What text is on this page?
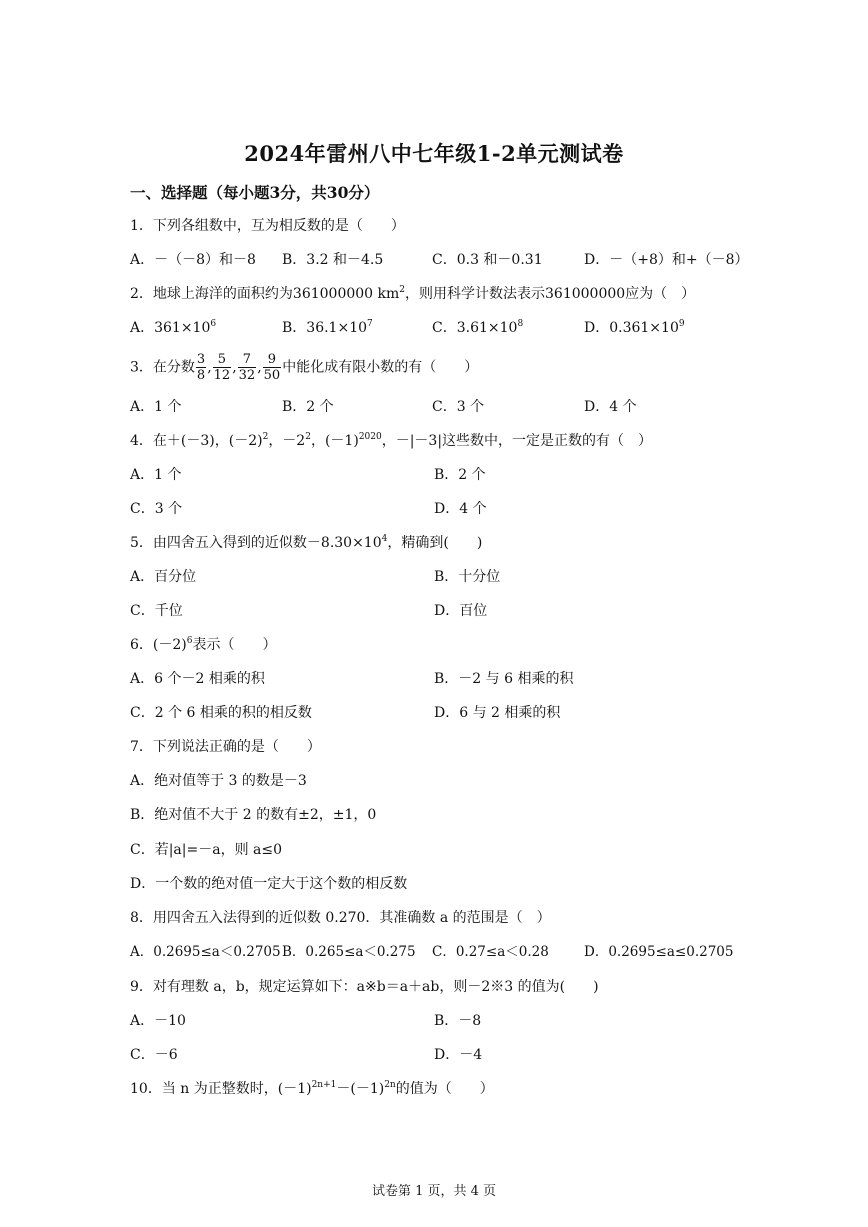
2024年雷州八中七年级1-2单元测试卷
一、选择题（每小题3分，共30分）
1．下列各组数中，互为相反数的是（　　）
A．－（－8）和－8 B．3.2 和－4.5	C．0.3 和－0.31	D．－（+8）和+（－8）
2．地球上海洋的面积约为361000000 $km^2$，则用科学计数法表示361000000应为（　）
A．$361\times 10^6$	B．$36.1\times 10^7$	C．$3.61\times 10^8$	D．$0.361\times 10^9$
3．在分数 $\frac{3}{8}$ , $\frac{5}{12}$ , $\frac{7}{32}$ , $\frac{9}{50}$ 中能化成有限小数的有（　　）
A．1 个	B．2 个	C．3 个	D．4 个
4．在＋(－3)，$(-2)^2$，$-2^2$，$(-1)^{2020}$，－|－3|这些数中，一定是正数的有（　）
A．1 个	B．2 个
C．3 个	D．4 个
5．由四舍五入得到的近似数$-8.30\times 10^4$，精确到(　　)
A．百分位	B．十分位
C．千位	D．百位
6．$(-2)^6$表示（　　）
A．6 个－2 相乘的积	B．－2 与 6 相乘的积
C．2 个 6 相乘的积的相反数	D．6 与 2 相乘的积
7．下列说法正确的是（　　）
A．绝对值等于 3 的数是－3
B．绝对值不大于 2 的数有±2，±1，0
C．若|a|=－a，则 a≤0
D．一个数的绝对值一定大于这个数的相反数
8．用四舍五入法得到的近似数 0.270．其准确数 a 的范围是（　）
A．0.2695≤a＜0.2705 B．0.265≤a＜0.275 C．0.27≤a＜0.28	D．0.2695≤a≤0.2705
9．对有理数 a，b，规定运算如下：a※b＝a＋ab，则－2※3 的值为(　　)
A．－10	B．－8
C．－6	D．－4
10．当 n 为正整数时，$(-1)^{2n+1}-(-1)^{2n}$的值为（　　）
试卷第 1 页，共 4 页
